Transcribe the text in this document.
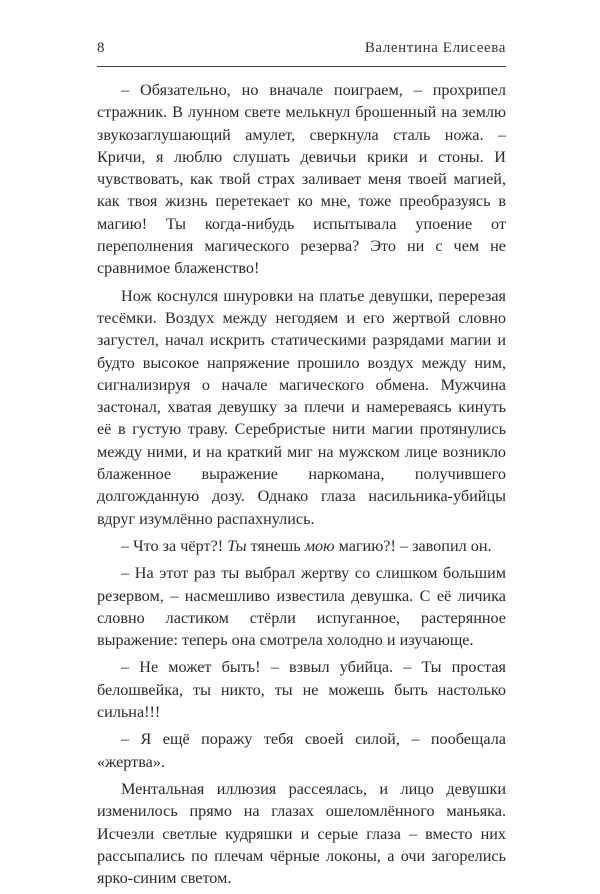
8	Валентина Елисеева

– Обязательно, но вначале поиграем, – прохрипел стражник. В лунном свете мелькнул брошенный на землю звукозаглушающий амулет, сверкнула сталь ножа. – Кричи, я люблю слушать девичьи крики и стоны. И чувствовать, как твой страх заливает меня твоей магией, как твоя жизнь перетекает ко мне, тоже преобразуясь в магию! Ты когда-нибудь испытывала упоение от переполнения магического резерва? Это ни с чем не сравнимое блаженство!

Нож коснулся шнуровки на платье девушки, перерезая тесёмки. Воздух между негодяем и его жертвой словно загустел, начал искрить статическими разрядами магии и будто высокое напряжение прошило воздух между ним, сигнализируя о начале магического обмена. Мужчина застонал, хватая девушку за плечи и намереваясь кинуть её в густую траву. Серебристые нити магии протянулись между ними, и на краткий миг на мужском лице возникло блаженное выражение наркомана, получившего долгожданную дозу. Однако глаза насильника-убийцы вдруг изумлённо распахнулись.

– Что за чёрт?! Ты тянешь мою магию?! – завопил он.

– На этот раз ты выбрал жертву со слишком большим резервом, – насмешливо известила девушка. С её личика словно ластиком стёрли испуганное, растерянное выражение: теперь она смотрела холодно и изучающе.

– Не может быть! – взвыл убийца. – Ты простая белошвейка, ты никто, ты не можешь быть настолько сильна!!!

– Я ещё поражу тебя своей силой, – пообещала «жертва».

Ментальная иллюзия рассеялась, и лицо девушки изменилось прямо на глазах ошеломлённого маньяка. Исчезли светлые кудряшки и серые глаза – вместо них рассыпались по плечам чёрные локоны, а очи загорелись ярко-синим светом.
